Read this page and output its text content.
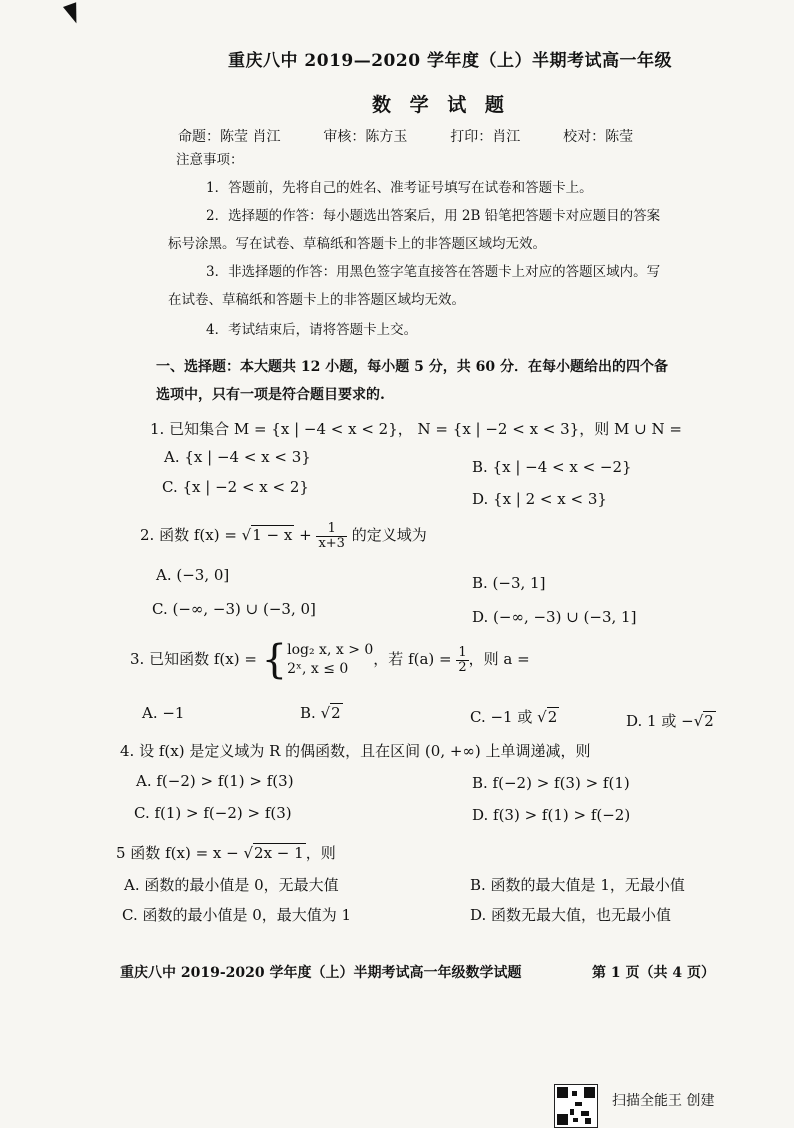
重庆八中 2019—2020 学年度（上）半期考试高一年级
数 学 试 题
命题：陈莹 肖江	审核：陈方玉	打印：肖江	校对：陈莹
注意事项：
1．答题前，先将自己的姓名、准考证号填写在试卷和答题卡上。
2．选择题的作答：每小题选出答案后，用 2B 铅笔把答题卡对应题目的答案
标号涂黑。写在试卷、草稿纸和答题卡上的非答题区域均无效。
3．非选择题的作答：用黑色签字笔直接答在答题卡上对应的答题区域内。写
在试卷、草稿纸和答题卡上的非答题区域均无效。
4．考试结束后，请将答题卡上交。
一、选择题：本大题共 12 小题，每小题 5 分，共 60 分．在每小题给出的四个备
选项中，只有一项是符合题目要求的.
1. 已知集合 M = {x | −4 < x < 2}， N = {x | −2 < x < 3}，则 M ∪ N =
A. {x | −4 < x < 3}
B. {x | −4 < x < −2}
C. {x | −2 < x < 2}
D. {x | 2 < x < 3}
2. 函数 $f(x) = √1 - x + \frac{1}{x+3}$ 的定义域为
A. (−3, 0]	B. (−3, 1]
C. (−∞, −3) ∪ (−3, 0]	D. (−∞, −3) ∪ (−3, 1]
3. 已知函数 f(x) = { log₂ x, x > 0
2ˣ, x ≤ 0
，若 $f(a) = \frac{1}{2}$ ，则 a =
A. −1	B. √2	C. −1 或 √2	D. 1 或 −√2
4. 设 f(x) 是定义域为 R 的偶函数，且在区间 (0, +∞) 上单调递减，则
A. f(−2) > f(1) > f(3)	B. f(−2) > f(3) > f(1)
C. f(1) > f(−2) > f(3)	D. f(3) > f(1) > f(−2)
5 函数 f(x) = x − √2x − 1 ，则
A. 函数的最小值是 0，无最大值	B. 函数的最大值是 1，无最小值
C. 函数的最小值是 0，最大值为 1	D. 函数无最大值，也无最小值
重庆八中 2019-2020 学年度（上）半期考试高一年级数学试题	第 1 页（共 4 页）
扫描全能王 创建
